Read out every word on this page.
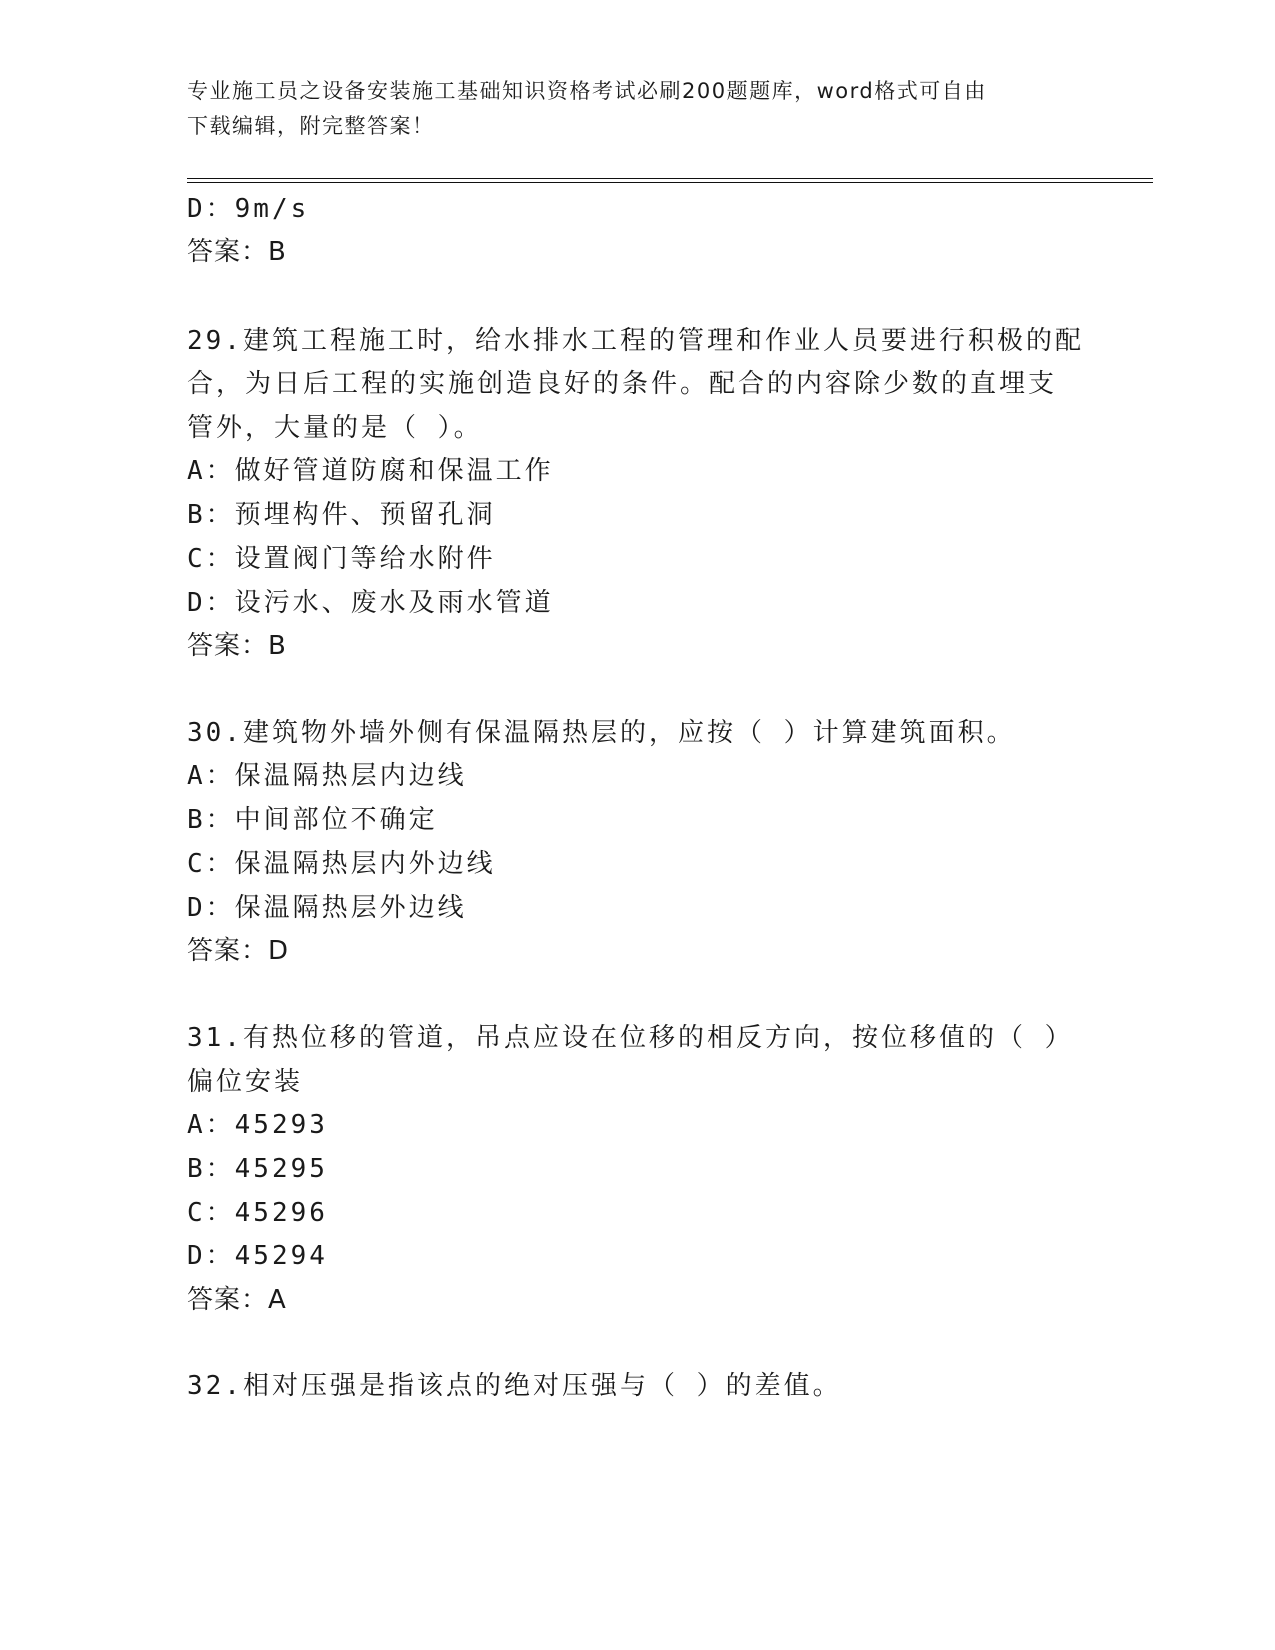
专业施工员之设备安装施工基础知识资格考试必刷200题题库，word格式可自由
下载编辑，附完整答案！
D：9m/s
答案：B
29.建筑工程施工时，给水排水工程的管理和作业人员要进行积极的配
合，为日后工程的实施创造良好的条件。配合的内容除少数的直埋支
管外，大量的是（ ）。
A：做好管道防腐和保温工作
B：预埋构件、预留孔洞
C：设置阀门等给水附件
D：设污水、废水及雨水管道
答案：B
30.建筑物外墙外侧有保温隔热层的，应按（ ）计算建筑面积。
A：保温隔热层内边线
B：中间部位不确定
C：保温隔热层内外边线
D：保温隔热层外边线
答案：D
31.有热位移的管道，吊点应设在位移的相反方向，按位移值的（ ）
偏位安装
A：45293
B：45295
C：45296
D：45294
答案：A
32.相对压强是指该点的绝对压强与（ ）的差值。
